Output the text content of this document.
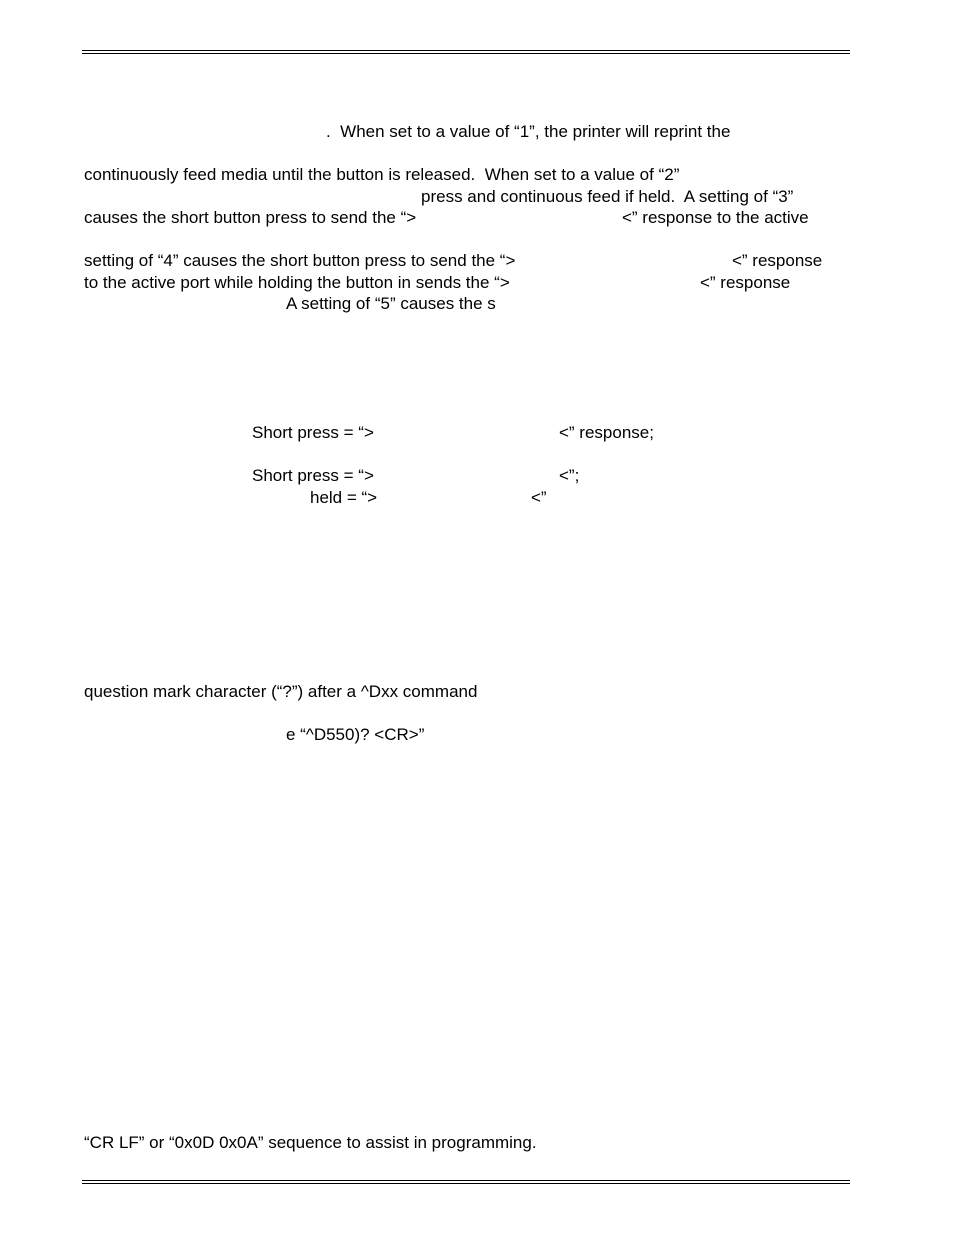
.  When set to a value of “1”, the printer will reprint the
continuously feed media until the button is released.  When set to a value of “2”
press and continuous feed if held.  A setting of “3”
causes the short button press to send the “>	<” response to the active
setting of “4” causes the short button press to send the “>	<” response
to the active port while holding the button in sends the “>	<” response
A setting of “5” causes the s
Short press = “>	<” response;
Short press = “>	<”;
held = “>	<”
question mark character (“?”) after a ^Dxx command
e “^D550)? <CR>”
“CR LF” or “0x0D 0x0A” sequence to assist in programming.
